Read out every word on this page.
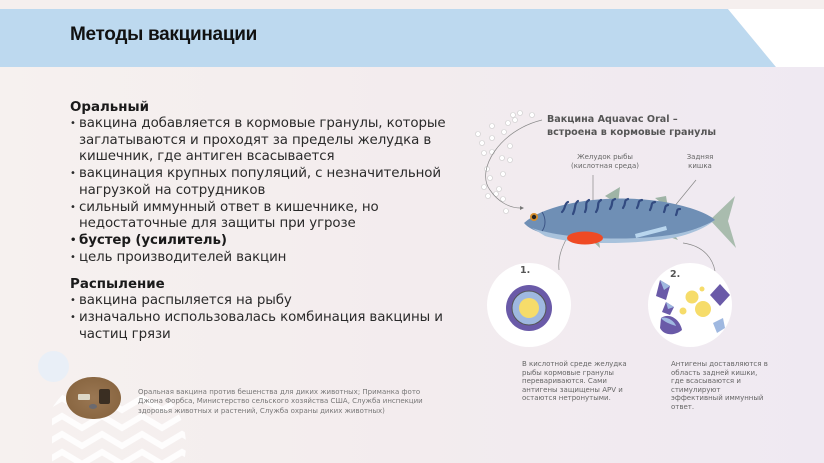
Методы вакцинации
Оральный
• вакцина добавляется в кормовые гранулы, которые заглатываются и проходят за пределы желудка в кишечник, где антиген всасывается
• вакцинация крупных популяций, с незначительной нагрузкой на сотрудников
• сильный иммунный ответ в кишечнике, но недостаточные для защиты при угрозе
• бустер (усилитель)
• цель производителей вакцин
Распыление
• вакцина распыляется на рыбу
• изначально использовалась комбинация вакцины и частиц грязи
Оральная вакцина против бешенства для диких животных; Приманка фото Джона Форбса, Министерство сельского хозяйства США, Служба инспекции здоровья животных и растений, Служба охраны диких животных)
Вакцина Aquavac Oral –
встроена в кормовые гранулы
Желудок рыбы
(кислотная среда)
Задняя
кишка
1.	2.
В кислотной среде желудка рыбы кормовые гранулы перевариваются. Сами антигены защищены APV и остаются нетронутыми.
Антигены доставляются в область задней кишки, где всасываются и стимулируют эффективный иммунный ответ.
